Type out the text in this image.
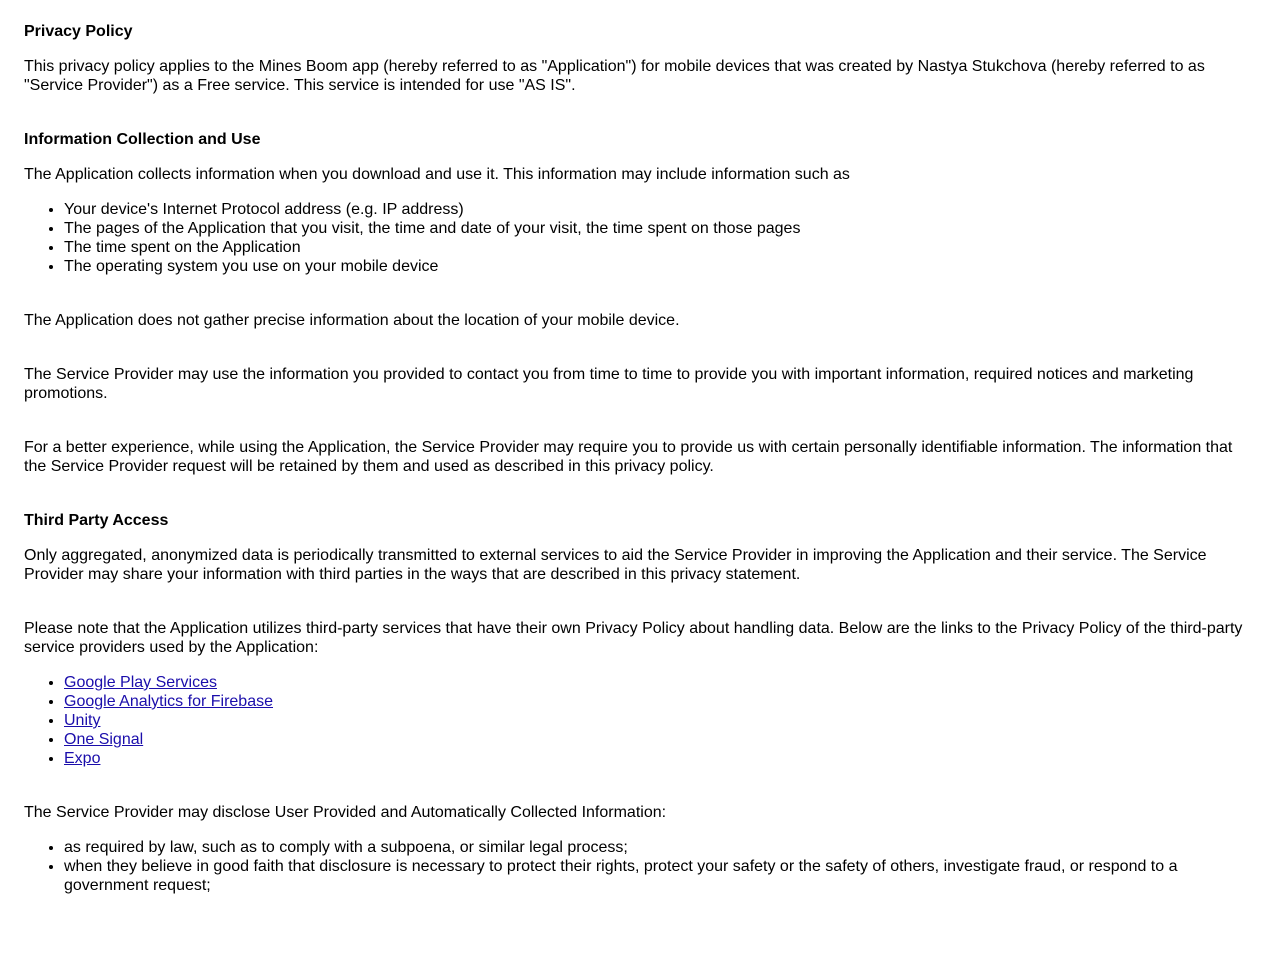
Privacy Policy

This privacy policy applies to the Mines Boom app (hereby referred to as "Application") for mobile devices that was created by Nastya Stukchova (hereby referred to as "Service Provider") as a Free service. This service is intended for use "AS IS".

Information Collection and Use

The Application collects information when you download and use it. This information may include information such as

• Your device's Internet Protocol address (e.g. IP address)
• The pages of the Application that you visit, the time and date of your visit, the time spent on those pages
• The time spent on the Application
• The operating system you use on your mobile device

The Application does not gather precise information about the location of your mobile device.

The Service Provider may use the information you provided to contact you from time to time to provide you with important information, required notices and marketing promotions.

For a better experience, while using the Application, the Service Provider may require you to provide us with certain personally identifiable information. The information that the Service Provider request will be retained by them and used as described in this privacy policy.

Third Party Access

Only aggregated, anonymized data is periodically transmitted to external services to aid the Service Provider in improving the Application and their service. The Service Provider may share your information with third parties in the ways that are described in this privacy statement.

Please note that the Application utilizes third-party services that have their own Privacy Policy about handling data. Below are the links to the Privacy Policy of the third-party service providers used by the Application:

• Google Play Services
• Google Analytics for Firebase
• Unity
• One Signal
• Expo

The Service Provider may disclose User Provided and Automatically Collected Information:

• as required by law, such as to comply with a subpoena, or similar legal process;
• when they believe in good faith that disclosure is necessary to protect their rights, protect your safety or the safety of others, investigate fraud, or respond to a government request;
